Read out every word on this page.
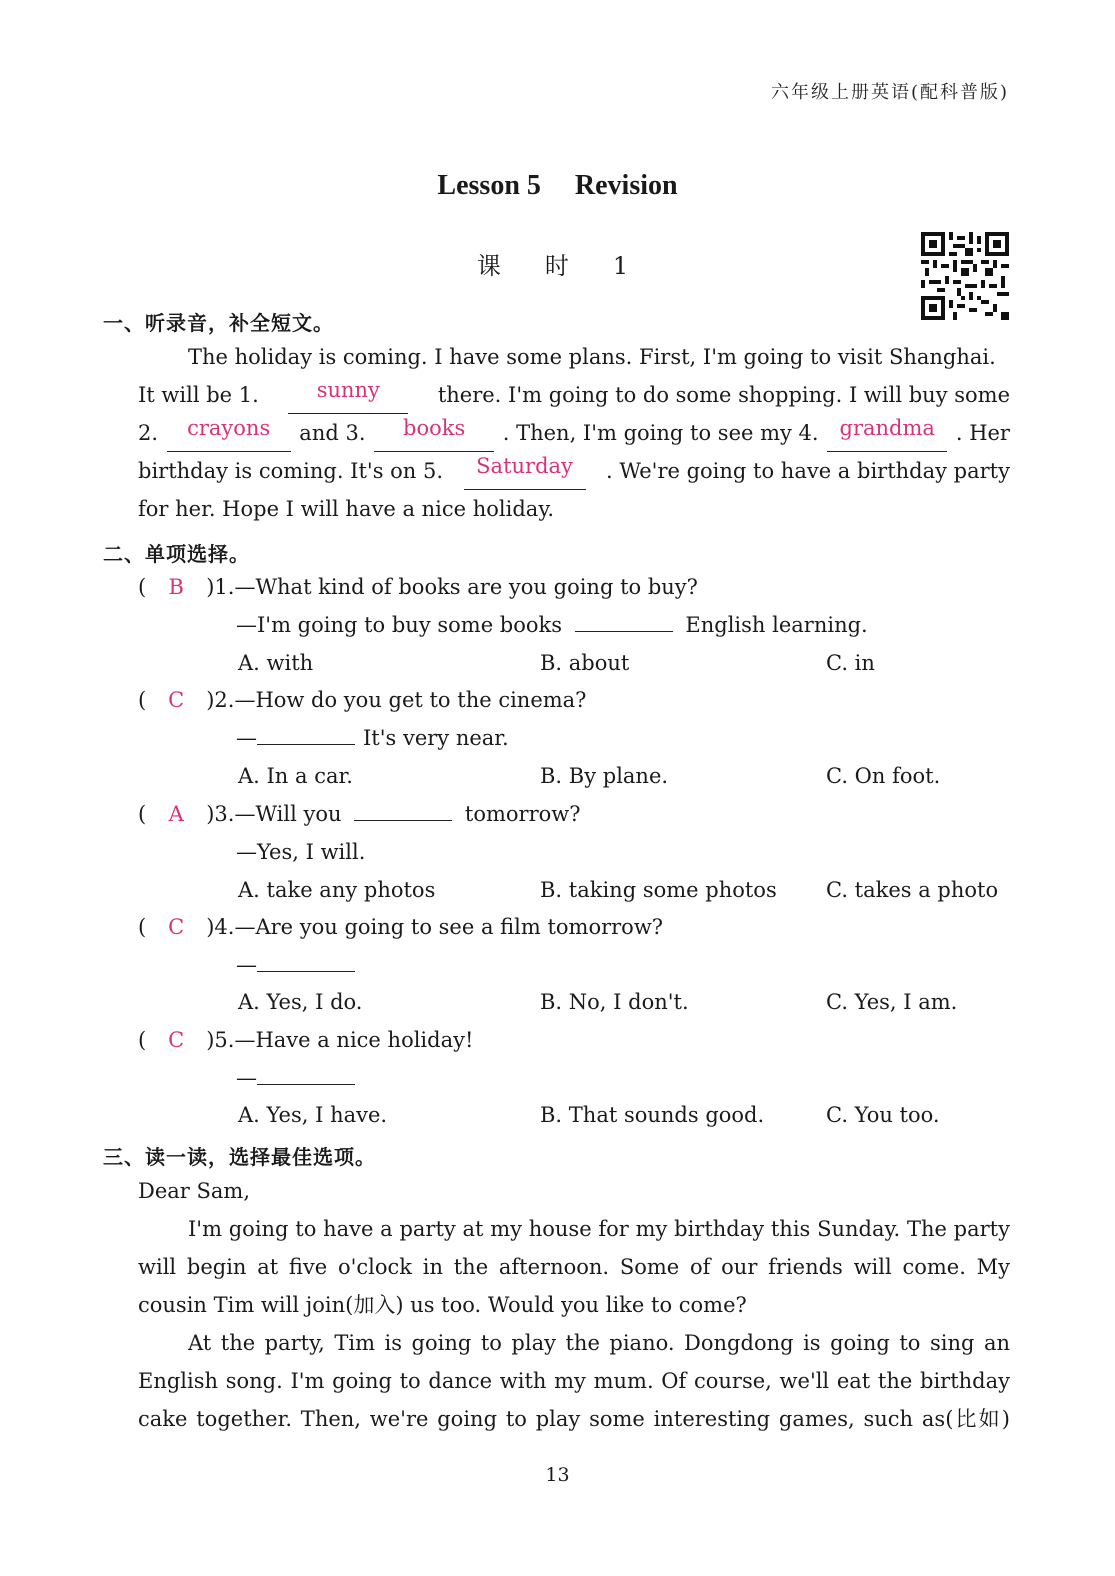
六年级上册英语(配科普版)
Lesson 5 Revision
课　时　1
一、听录音，补全短文。
The holiday is coming. I have some plans. First, I'm going to visit Shanghai.
It will be 1.	sunny	there. I'm going to do some shopping. I will buy some
2.	crayons	and 3.	books	. Then, I'm going to see my 4. grandma . Her
birthday is coming. It's on 5.	Saturday	. We're going to have a birthday party
for her. Hope I will have a nice holiday.
二、单项选择。
( B )1.—What kind of books are you going to buy?
—I'm going to buy some books	English learning.
A. with	B. about	C. in
( C )2.—How do you get to the cinema?
—	It's very near.
A. In a car.	B. By plane.	C. On foot.
( A )3.—Will you	tomorrow?
—Yes, I will.
A. take any photos	B. taking some photos C. takes a photo
( C )4.—Are you going to see a film tomorrow?
—
A. Yes, I do.	B. No, I don't.	C. Yes, I am.
( C )5.—Have a nice holiday!
—
A. Yes, I have.	B. That sounds good.	C. You too.
三、读一读，选择最佳选项。
Dear Sam,
I'm going to have a party at my house for my birthday this Sunday. The party
will begin at five o'clock in the afternoon. Some of our friends will come. My
cousin Tim will join(加入) us too. Would you like to come?
At the party, Tim is going to play the piano. Dongdong is going to sing an
English song. I'm going to dance with my mum. Of course, we'll eat the birthday
cake together. Then, we're going to play some interesting games, such as(比如)
13
